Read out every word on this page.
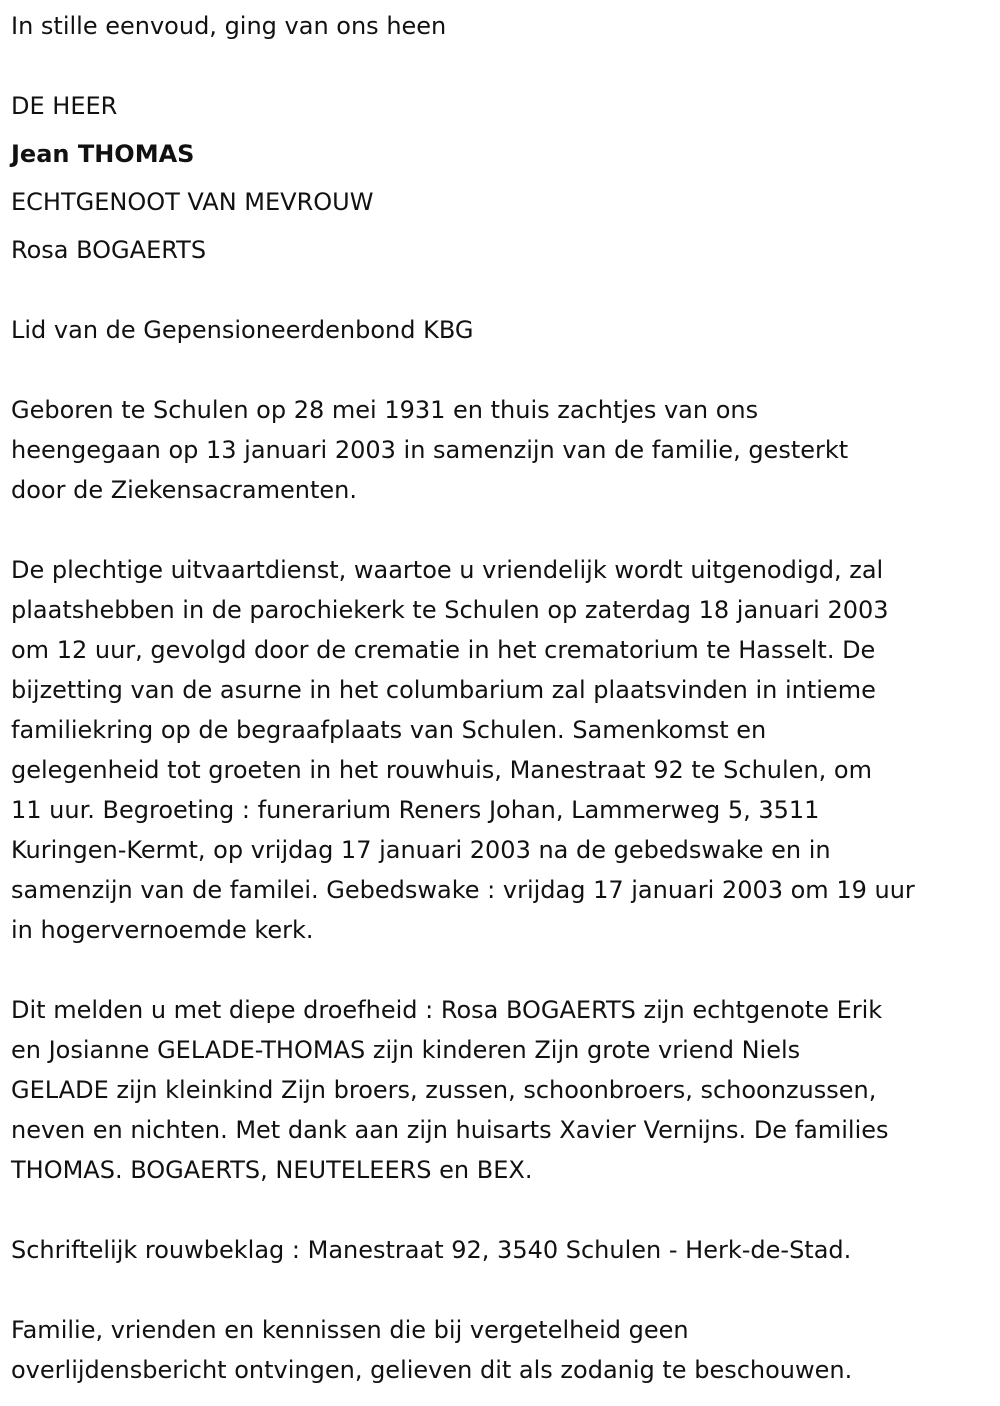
In stille eenvoud, ging van ons heen

DE HEER

Jean THOMAS

ECHTGENOOT VAN MEVROUW

Rosa BOGAERTS

Lid van de Gepensioneerdenbond KBG

Geboren te Schulen op 28 mei 1931 en thuis zachtjes van ons

heengegaan op 13 januari 2003 in samenzijn van de familie, gesterkt

door de Ziekensacramenten.

De plechtige uitvaartdienst, waartoe u vriendelijk wordt uitgenodigd, zal

plaatshebben in de parochiekerk te Schulen op zaterdag 18 januari 2003

om 12 uur, gevolgd door de crematie in het crematorium te Hasselt. De

bijzetting van de asurne in het columbarium zal plaatsvinden in intieme

familiekring op de begraafplaats van Schulen. Samenkomst en

gelegenheid tot groeten in het rouwhuis, Manestraat 92 te Schulen, om

11 uur. Begroeting : funerarium Reners Johan, Lammerweg 5, 3511

Kuringen-Kermt, op vrijdag 17 januari 2003 na de gebedswake en in

samenzijn van de familei. Gebedswake : vrijdag 17 januari 2003 om 19 uur

in hogervernoemde kerk.

Dit melden u met diepe droefheid : Rosa BOGAERTS zijn echtgenote Erik

en Josianne GELADE-THOMAS zijn kinderen Zijn grote vriend Niels

GELADE zijn kleinkind Zijn broers, zussen, schoonbroers, schoonzussen,

neven en nichten. Met dank aan zijn huisarts Xavier Vernijns. De families

THOMAS. BOGAERTS, NEUTELEERS en BEX.

Schriftelijk rouwbeklag : Manestraat 92, 3540 Schulen - Herk-de-Stad.

Familie, vrienden en kennissen die bij vergetelheid geen

overlijdensbericht ontvingen, gelieven dit als zodanig te beschouwen.
